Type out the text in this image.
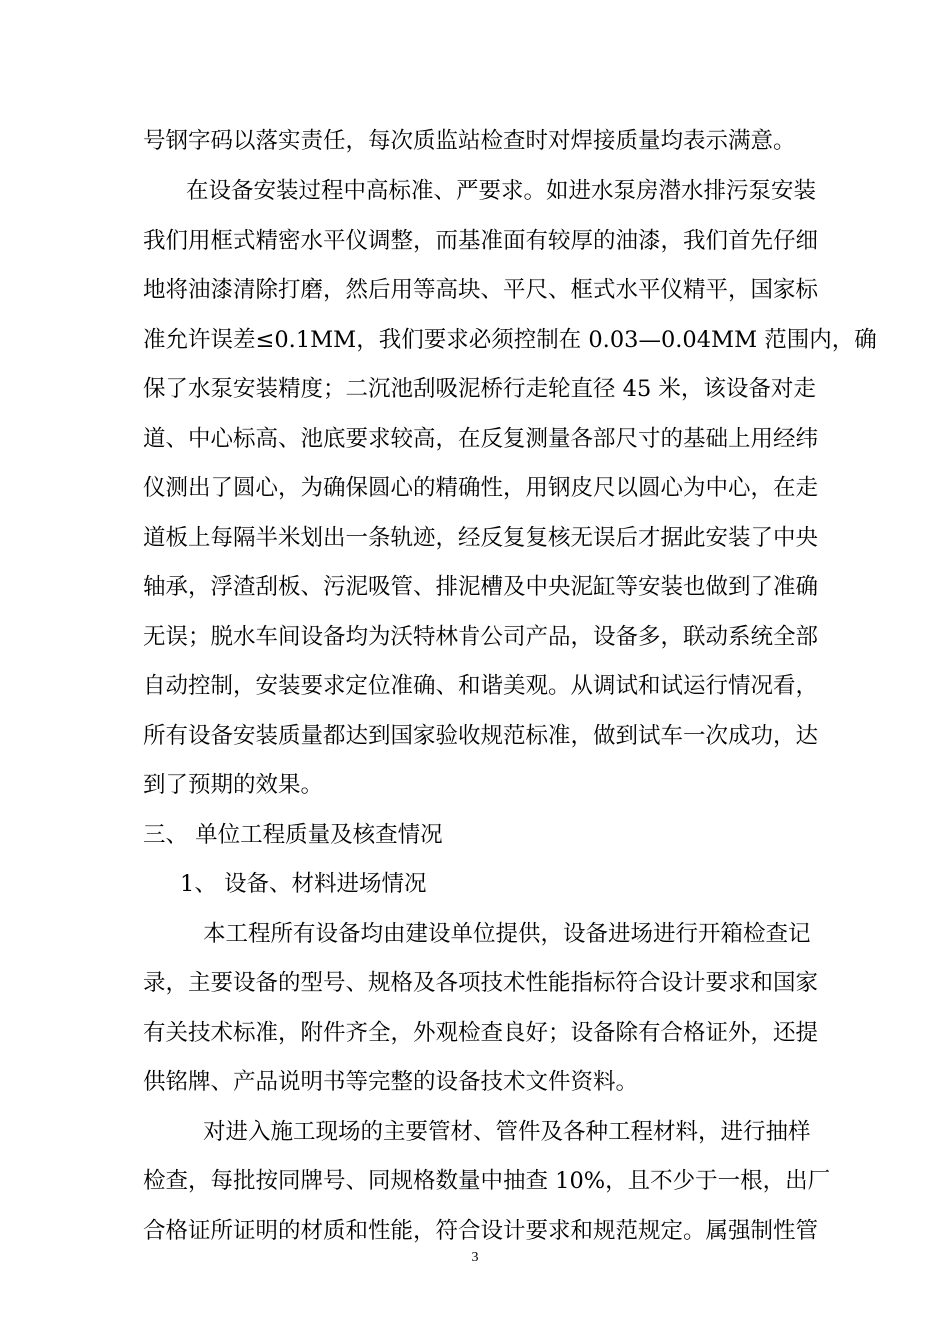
号钢字码以落实责任，每次质监站检查时对焊接质量均表示满意。
在设备安装过程中高标准、严要求。如进水泵房潜水排污泵安装
我们用框式精密水平仪调整，而基准面有较厚的油漆，我们首先仔细
地将油漆清除打磨，然后用等高块、平尺、框式水平仪精平，国家标
准允许误差≤0.1MM，我们要求必须控制在 0.03—0.04MM 范围内，确
保了水泵安装精度；二沉池刮吸泥桥行走轮直径 45 米，该设备对走
道、中心标高、池底要求较高，在反复测量各部尺寸的基础上用经纬
仪测出了圆心，为确保圆心的精确性，用钢皮尺以圆心为中心，在走
道板上每隔半米划出一条轨迹，经反复复核无误后才据此安装了中央
轴承，浮渣刮板、污泥吸管、排泥槽及中央泥缸等安装也做到了准确
无误；脱水车间设备均为沃特林肯公司产品，设备多，联动系统全部
自动控制，安装要求定位准确、和谐美观。从调试和试运行情况看，
所有设备安装质量都达到国家验收规范标准，做到试车一次成功，达
到了预期的效果。
三、 单位工程质量及核查情况
1、 设备、材料进场情况
本工程所有设备均由建设单位提供，设备进场进行开箱检查记
录，主要设备的型号、规格及各项技术性能指标符合设计要求和国家
有关技术标准，附件齐全，外观检查良好；设备除有合格证外，还提
供铭牌、产品说明书等完整的设备技术文件资料。
对进入施工现场的主要管材、管件及各种工程材料，进行抽样
检查，每批按同牌号、同规格数量中抽查 10%，且不少于一根，出厂
合格证所证明的材质和性能，符合设计要求和规范规定。属强制性管
3
